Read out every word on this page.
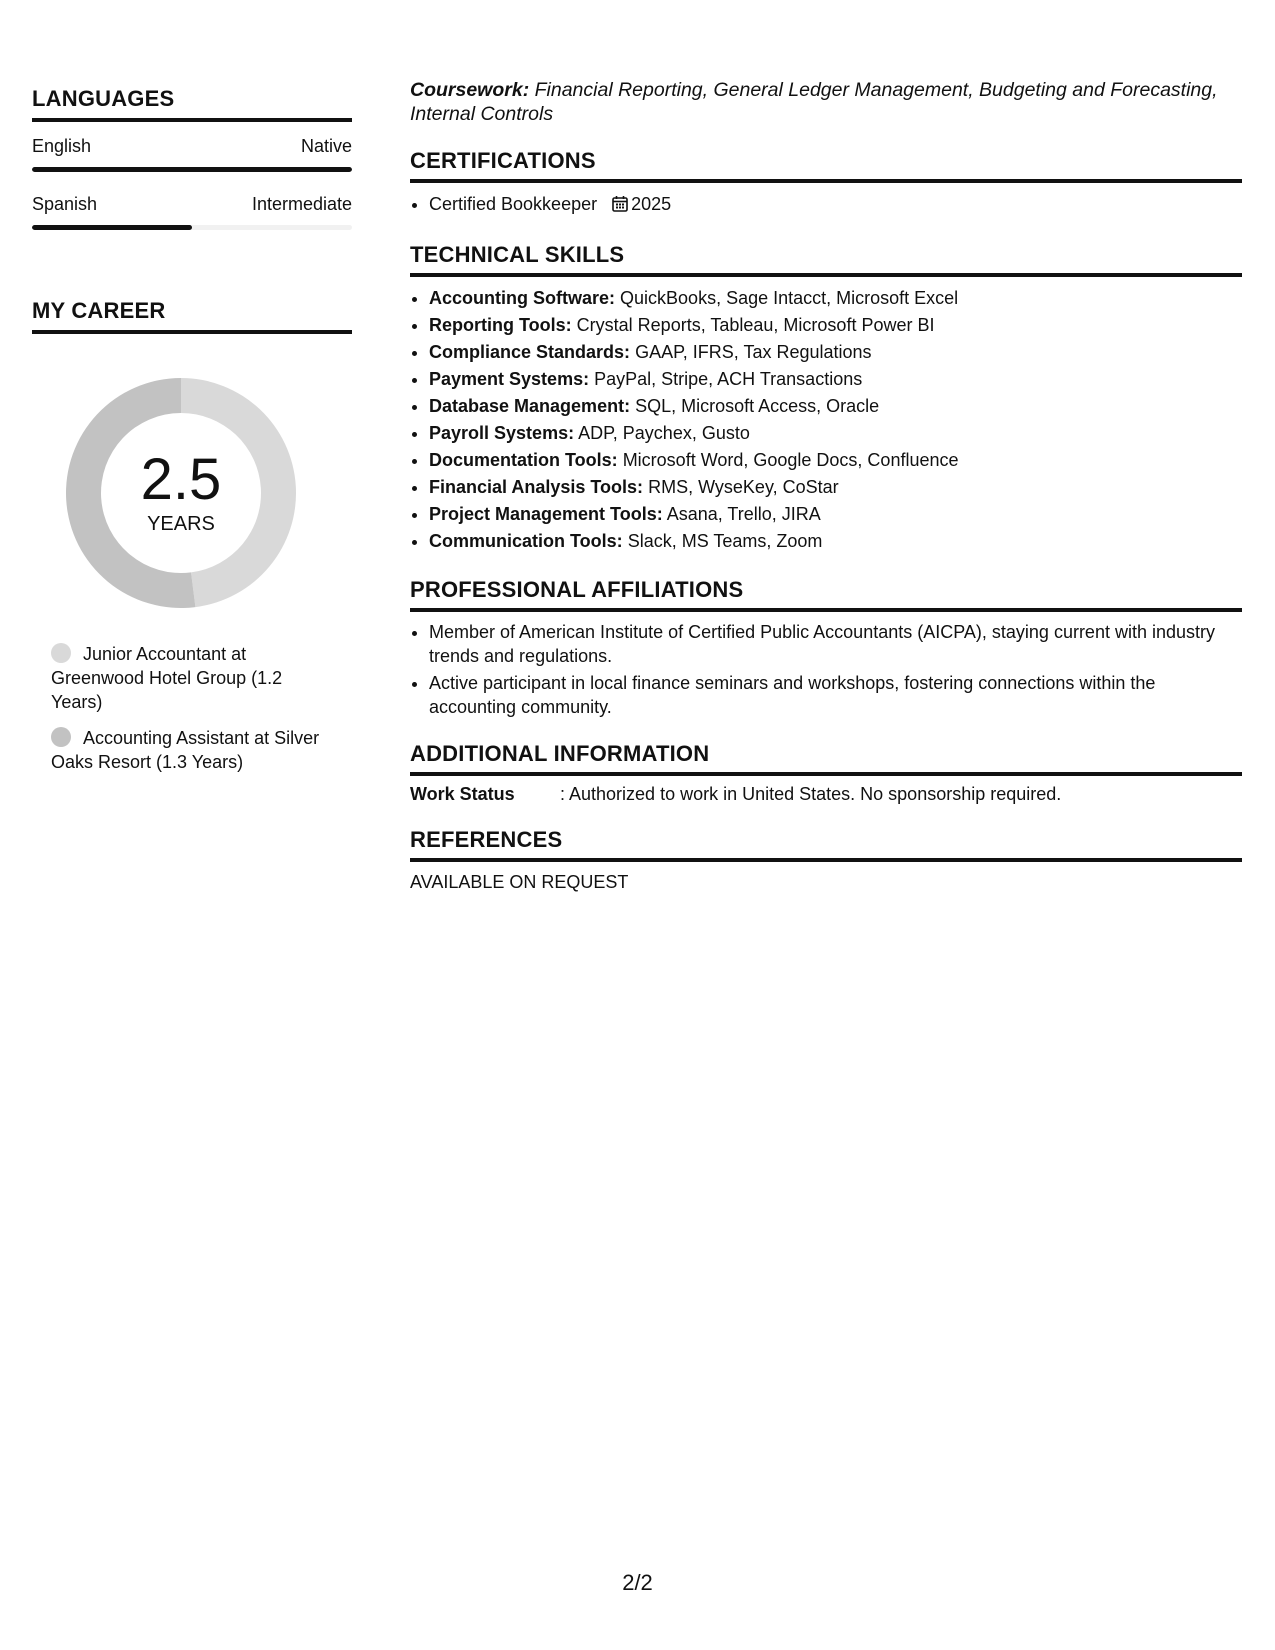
LANGUAGES
English	Native
Spanish	Intermediate
MY CAREER
2.5
YEARS
Junior Accountant at Greenwood Hotel Group (1.2 Years)
Accounting Assistant at Silver Oaks Resort (1.3 Years)

Coursework: Financial Reporting, General Ledger Management, Budgeting and Forecasting, Internal Controls

CERTIFICATIONS
• Certified Bookkeeper 2025
TECHNICAL SKILLS
• Accounting Software: QuickBooks, Sage Intacct, Microsoft Excel
• Reporting Tools: Crystal Reports, Tableau, Microsoft Power BI
• Compliance Standards: GAAP, IFRS, Tax Regulations
• Payment Systems: PayPal, Stripe, ACH Transactions
• Database Management: SQL, Microsoft Access, Oracle
• Payroll Systems: ADP, Paychex, Gusto
• Documentation Tools: Microsoft Word, Google Docs, Confluence
• Financial Analysis Tools: RMS, WyseKey, CoStar
• Project Management Tools: Asana, Trello, JIRA
• Communication Tools: Slack, MS Teams, Zoom
PROFESSIONAL AFFILIATIONS
• Member of American Institute of Certified Public Accountants (AICPA), staying current with industry trends and regulations.
• Active participant in local finance seminars and workshops, fostering connections within the accounting community.
ADDITIONAL INFORMATION
Work Status	: Authorized to work in United States. No sponsorship required.
REFERENCES
AVAILABLE ON REQUEST
2/2
